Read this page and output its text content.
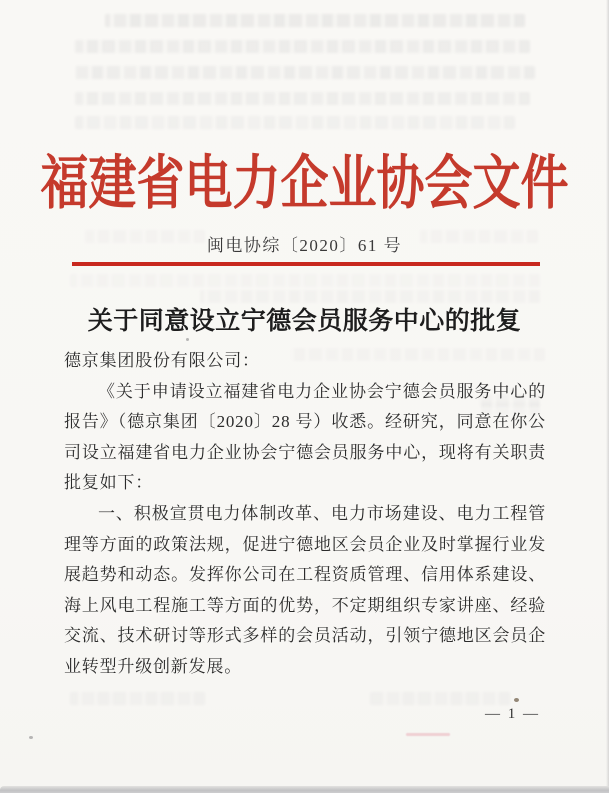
福建省电力企业协会文件
闽电协综〔2020〕61 号
关于同意设立宁德会员服务中心的批复

德京集团股份有限公司：

《关于申请设立福建省电力企业协会宁德会员服务中心的报告》（德京集团〔2020〕28 号）收悉。经研究，同意在你公司设立福建省电力企业协会宁德会员服务中心，现将有关职责批复如下：

一、积极宣贯电力体制改革、电力市场建设、电力工程管理等方面的政策法规，促进宁德地区会员企业及时掌握行业发展趋势和动态。发挥你公司在工程资质管理、信用体系建设、海上风电工程施工等方面的优势，不定期组织专家讲座、经验交流、技术研讨等形式多样的会员活动，引领宁德地区会员企业转型升级创新发展。

— 1 —
